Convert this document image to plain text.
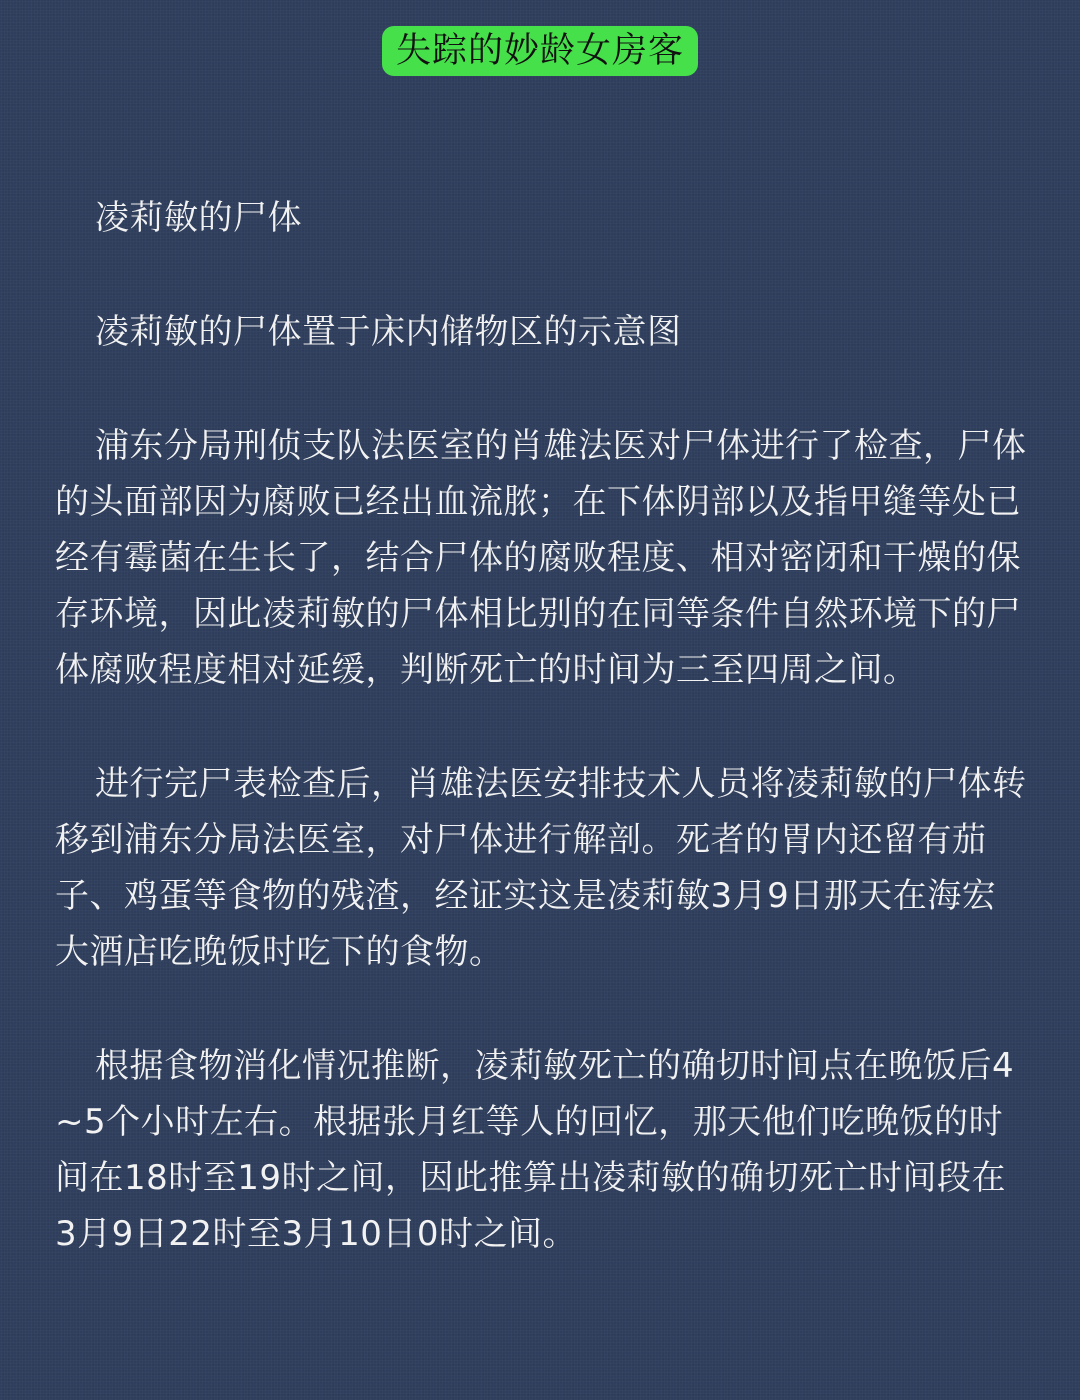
失踪的妙龄女房客

凌莉敏的尸体

凌莉敏的尸体置于床内储物区的示意图

浦东分局刑侦支队法医室的肖雄法医对尸体进行了检查，尸体的头面部因为腐败已经出血流脓；在下体阴部以及指甲缝等处已经有霉菌在生长了，结合尸体的腐败程度、相对密闭和干燥的保存环境，因此凌莉敏的尸体相比别的在同等条件自然环境下的尸体腐败程度相对延缓，判断死亡的时间为三至四周之间。

进行完尸表检查后，肖雄法医安排技术人员将凌莉敏的尸体转移到浦东分局法医室，对尸体进行解剖。死者的胃内还留有茄子、鸡蛋等食物的残渣，经证实这是凌莉敏3月9日那天在海宏大酒店吃晚饭时吃下的食物。

根据食物消化情况推断，凌莉敏死亡的确切时间点在晚饭后4~5个小时左右。根据张月红等人的回忆，那天他们吃晚饭的时间在18时至19时之间，因此推算出凌莉敏的确切死亡时间段在3月9日22时至3月10日0时之间。
